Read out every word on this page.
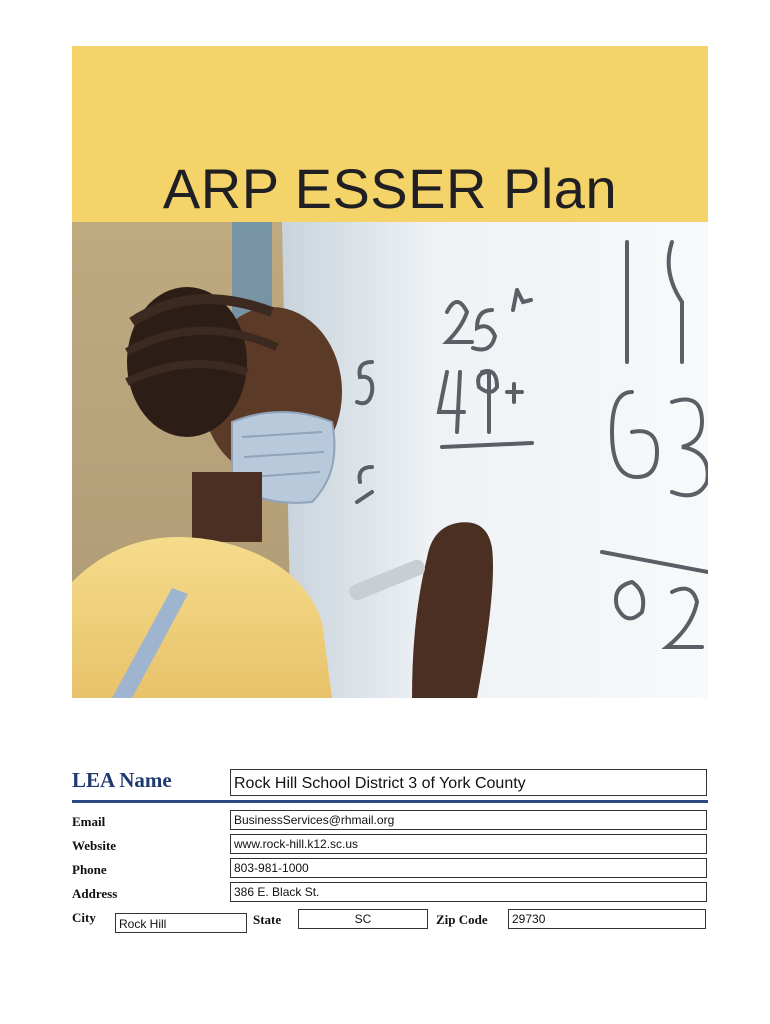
ARP ESSER Plan
LEA Name	Rock Hill School District 3 of York County
Email	BusinessServices@rhmail.org
Website	www.rock-hill.k12.sc.us
Phone	803-981-1000
Address	386 E. Black St.
City	Rock Hill	State	SC	Zip Code	29730
